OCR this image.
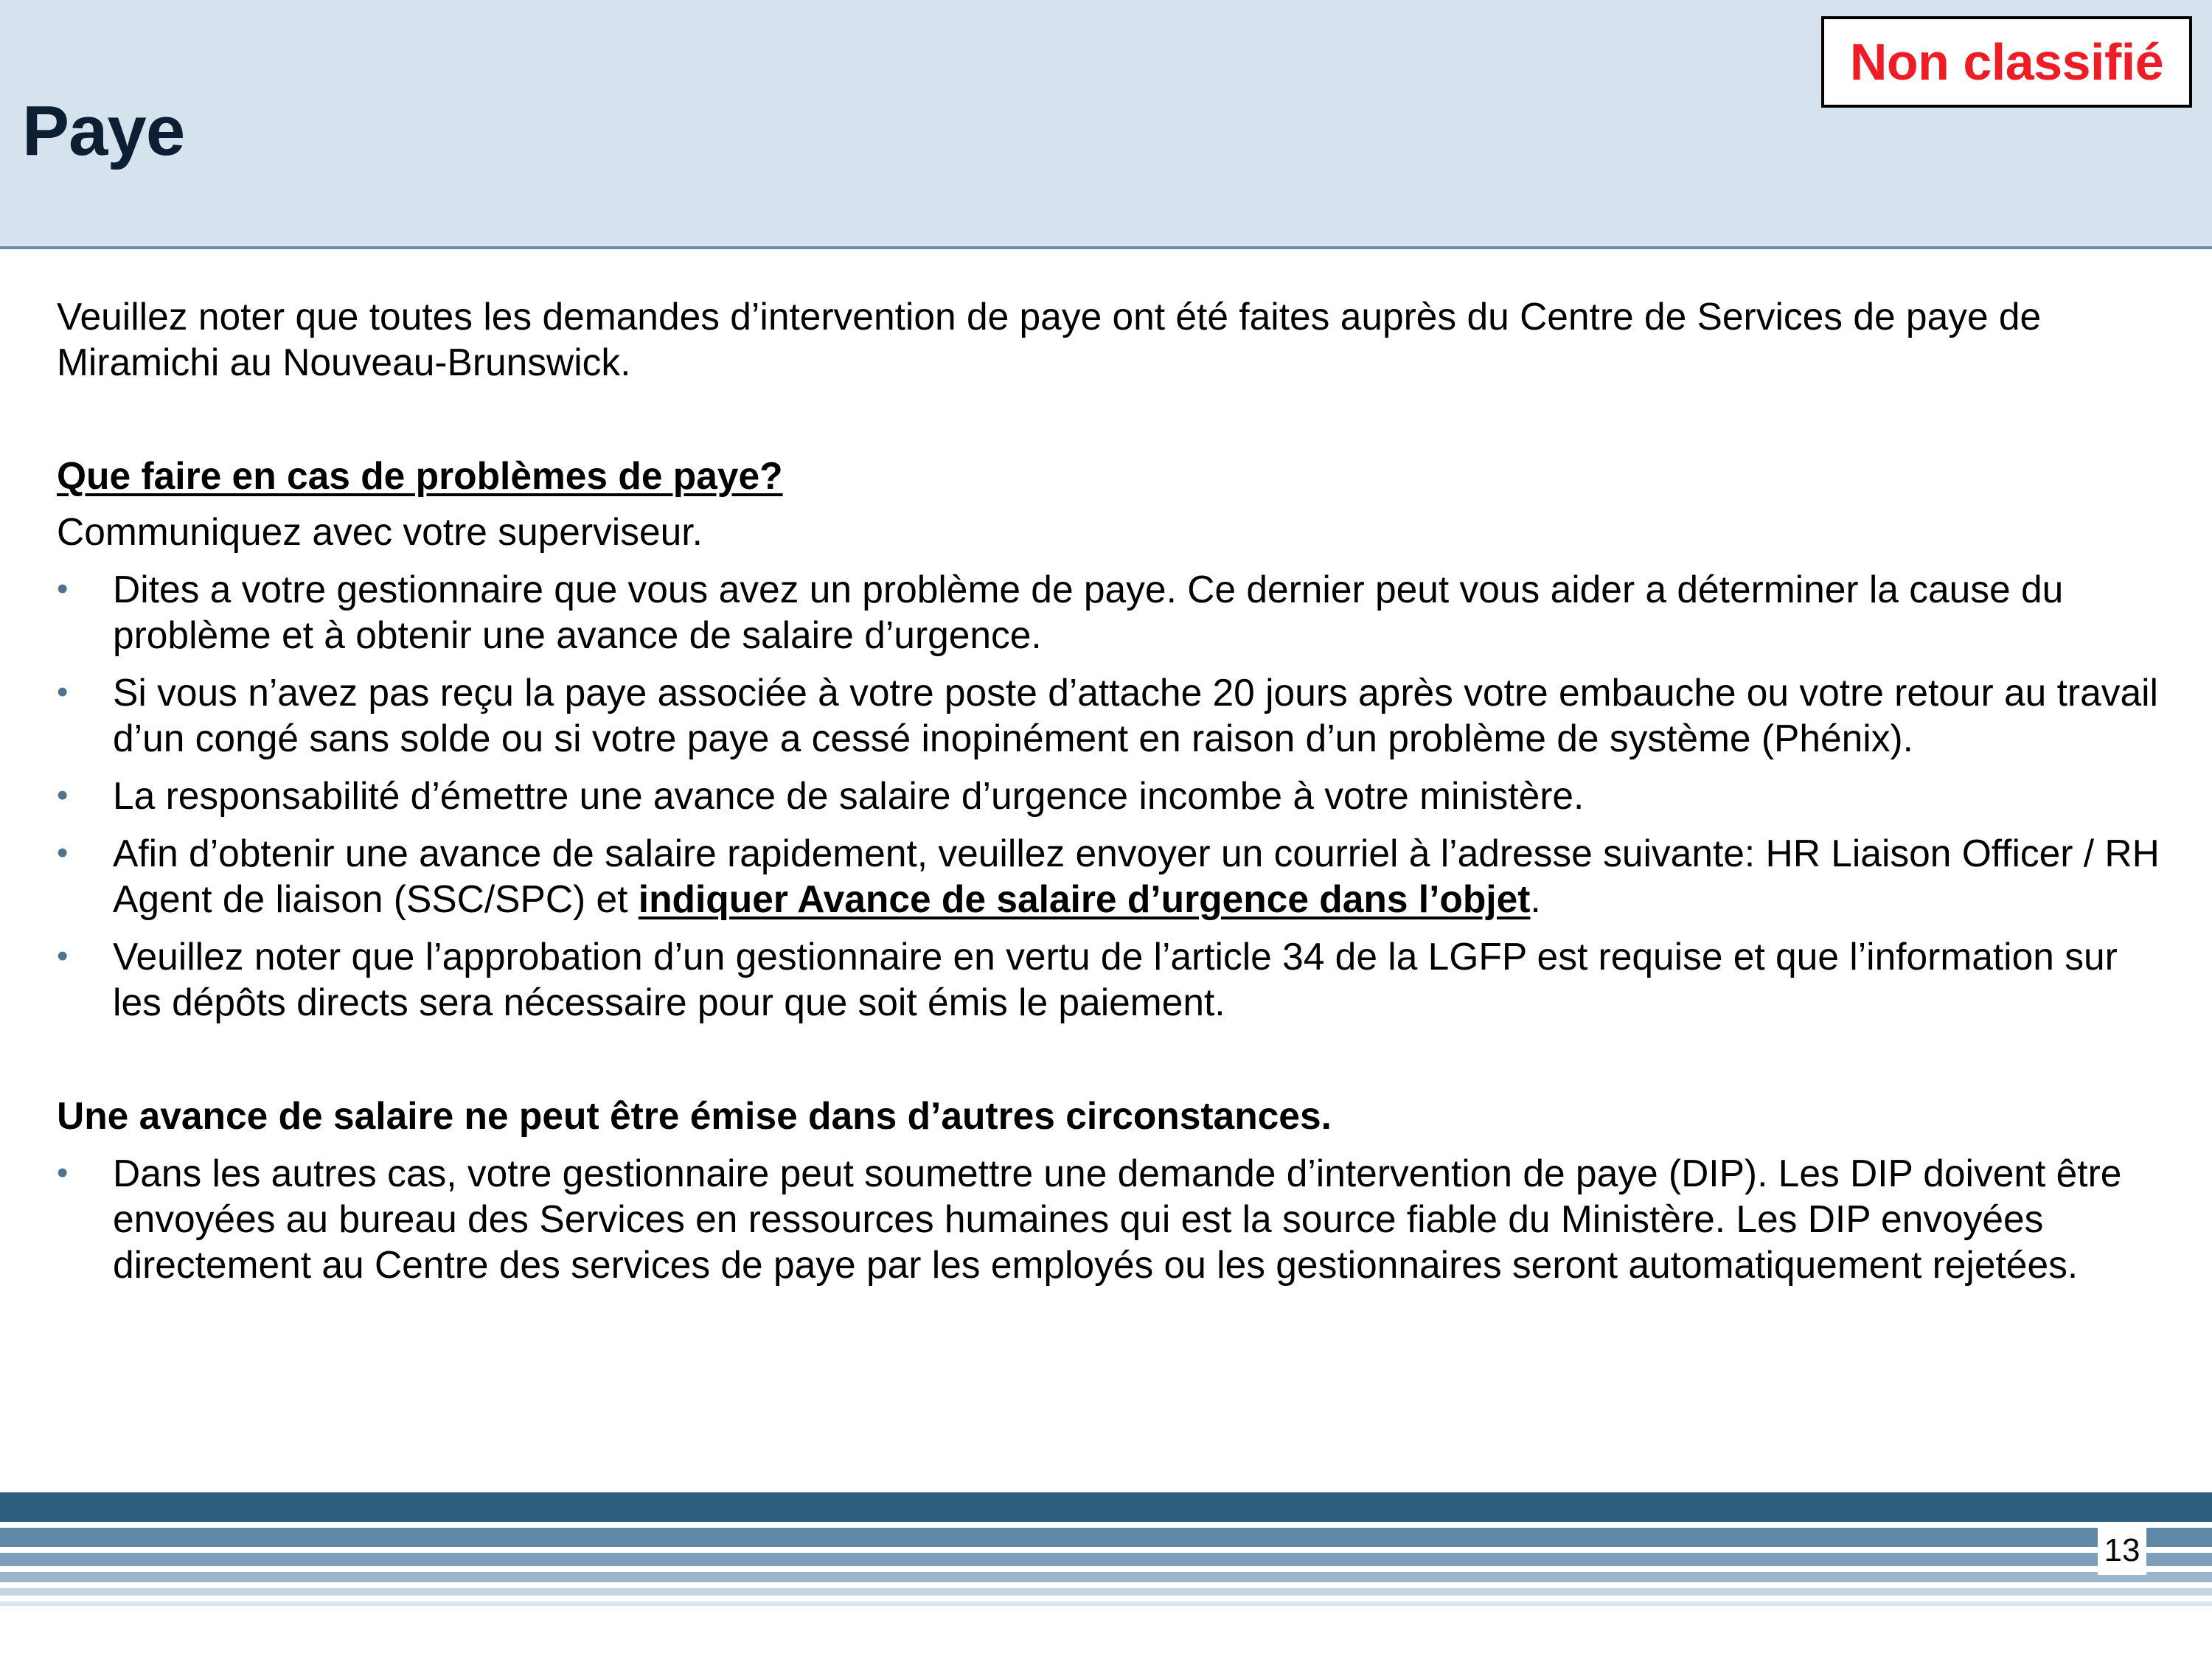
Paye
Non classifié

Veuillez noter que toutes les demandes d’intervention de paye ont été faites auprès du Centre de Services de paye de Miramichi au Nouveau-Brunswick.

Que faire en cas de problèmes de paye?

Communiquez avec votre superviseur.

• Dites a votre gestionnaire que vous avez un problème de paye. Ce dernier peut vous aider a déterminer la cause du problème et à obtenir une avance de salaire d’urgence.
• Si vous n’avez pas reçu la paye associée à votre poste d’attache 20 jours après votre embauche ou votre retour au travail d’un congé sans solde ou si votre paye a cessé inopinément en raison d’un problème de système (Phénix).
• La responsabilité d’émettre une avance de salaire d’urgence incombe à votre ministère.
• Afin d’obtenir une avance de salaire rapidement, veuillez envoyer un courriel à l’adresse suivante: HR Liaison Officer / RH Agent de liaison (SSC/SPC) et indiquer Avance de salaire d’urgence dans l’objet.
• Veuillez noter que l’approbation d’un gestionnaire en vertu de l’article 34 de la LGFP est requise et que l’information sur les dépôts directs sera nécessaire pour que soit émis le paiement.

Une avance de salaire ne peut être émise dans d’autres circonstances.

• Dans les autres cas, votre gestionnaire peut soumettre une demande d’intervention de paye (DIP). Les DIP doivent être envoyées au bureau des Services en ressources humaines qui est la source fiable du Ministère. Les DIP envoyées directement au Centre des services de paye par les employés ou les gestionnaires seront automatiquement rejetées.
13
